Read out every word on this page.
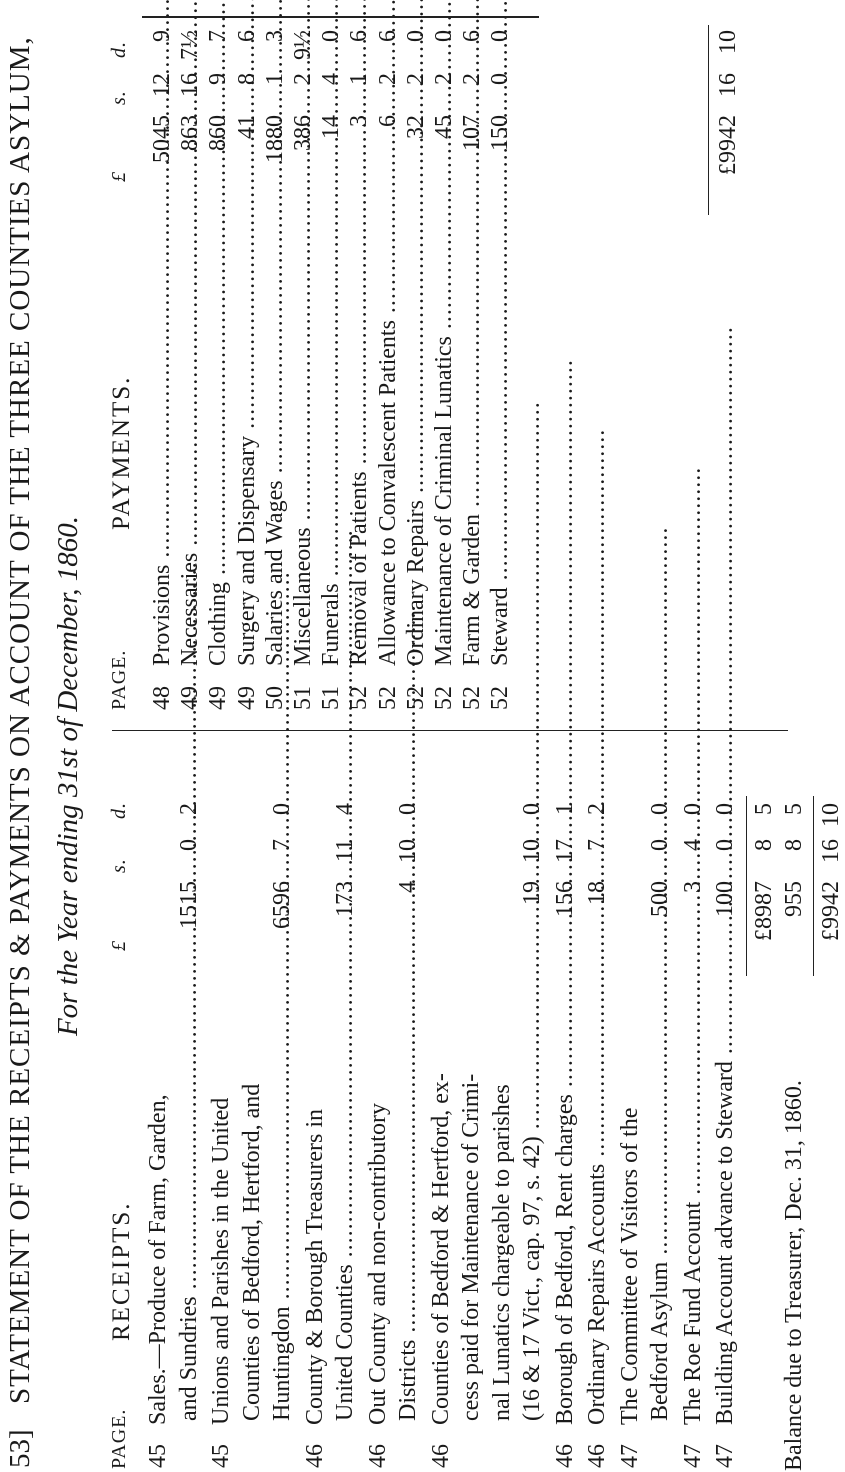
53]
STATEMENT OF THE RECEIPTS & PAYMENTS ON ACCOUNT OF THE THREE COUNTIES ASYLUM, For the Year ending 31st of December, 1860.
PAGE.
RECEIPTS.
£
s.
d.
45
Sales.—Produce of Farm, Garden, and Sundries .....
1515
0
2
45
Unions and Parishes in the United Counties of Bedford, Hertford, and Huntingdon .....
6596
7
0
46
County & Borough Treasurers in United Counties .....
173
11
4
46
Out County and non-contributory Districts .....
4
10
0
46
Counties of Bedford & Hertford, ex- cess paid for Maintenance of Crimi- nal Lunatics chargeable to parishes (16 & 17 Vict., cap. 97, s. 42) .....
19
10
0
46
Borough of Bedford, Rent charges .....
156
17
1
46
Ordinary Repairs Accounts .....
18
7
2
47
The Committee of Visitors of the Bedford Asylum .....
500
0
0
47
The Roe Fund Account .....
3
4
0
47
Building Account advance to Steward .....
100
0
0
£8987
8
5
Balance due to Treasurer, Dec. 31, 1860.
955
8
5
£9942
16
10
PAGE.
PAYMENTS.
£
s.
d.
48
Provisions .....
5045
12
9
49
Necessaries .....
863
16
7½
49
Clothing .....
860
9
7
49
Surgery and Dispensary .....
41
8
6
50
Salaries and Wages .....
1880
1
3
51
Miscellaneous .....
386
2
9½
51
Funerals .....
14
4
0
52
Removal of Patients .....
3
1
6
52
Allowance to Convalescent Patients .....
6
2
6
52
Ordinary Repairs .....
32
2
0
52
Maintenance of Criminal Lunatics .....
45
2
0
52
Farm & Garden .....
107
2
6
52
Steward .....
150
0
0
£9942
16
10
